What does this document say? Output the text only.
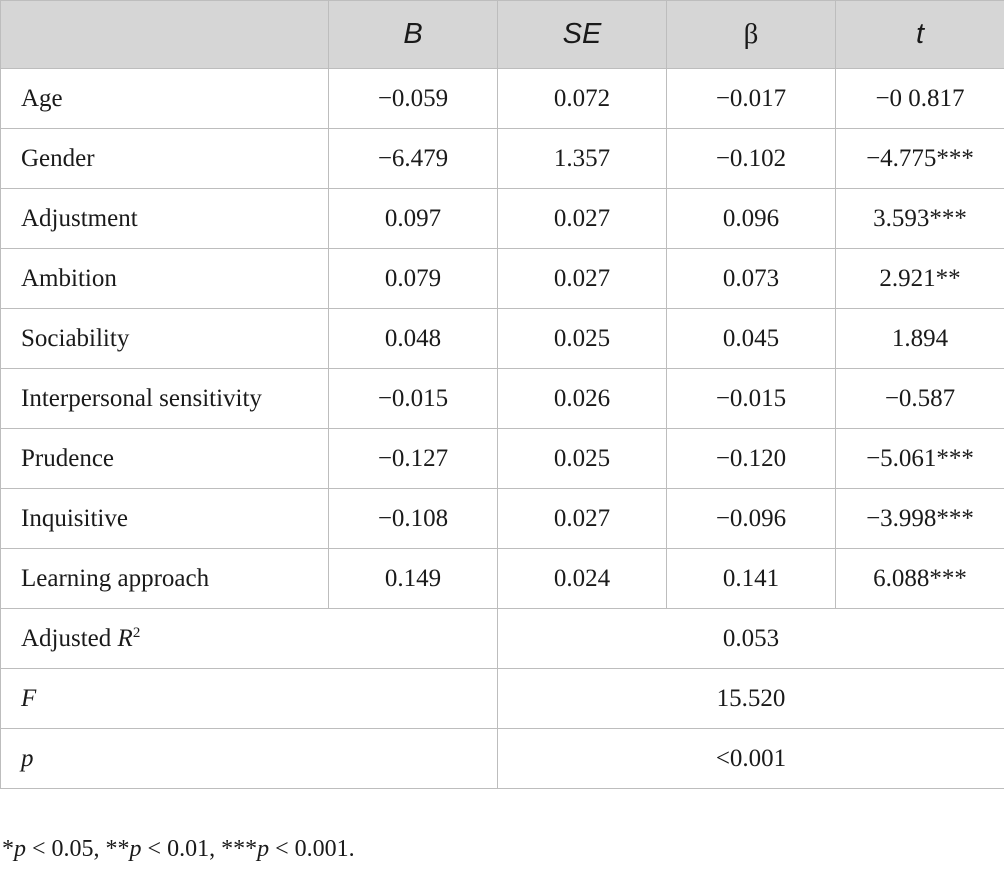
	B	SE	β	t
Age	−0.059	0.072	−0.017	−0 0.817
Gender	−6.479	1.357	−0.102	−4.775***
Adjustment	0.097	0.027	0.096	3.593***
Ambition	0.079	0.027	0.073	2.921**
Sociability	0.048	0.025	0.045	1.894
Interpersonal sensitivity	−0.015	0.026	−0.015	−0.587
Prudence	−0.127	0.025	−0.120	−5.061***
Inquisitive	−0.108	0.027	−0.096	−3.998***
Learning approach	0.149	0.024	0.141	6.088***
Adjusted $R^2$		0.053		
F		15.520		
p		<0.001		
*p < 0.05, **p < 0.01, ***p < 0.001.
